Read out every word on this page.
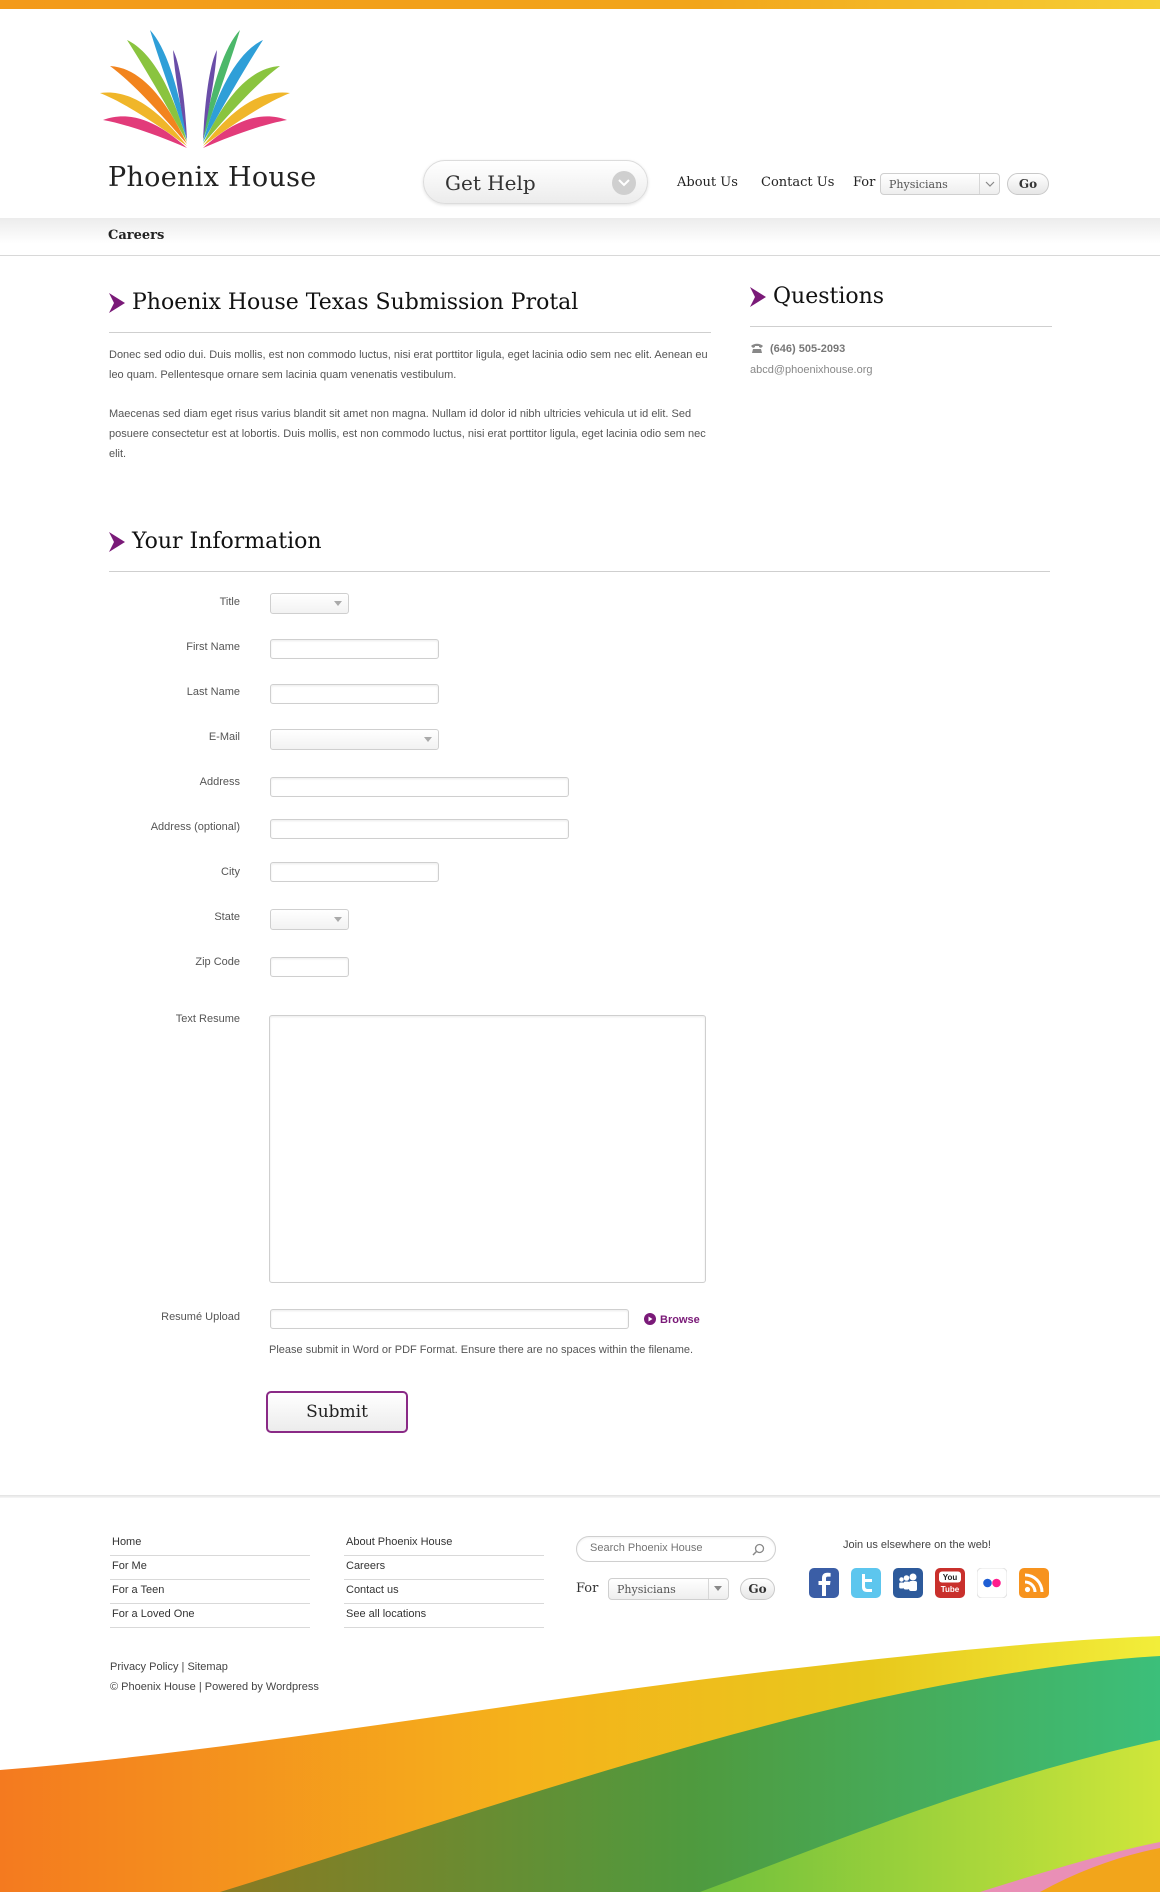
Phoenix House	Get Help	About Us Contact Us For Physicians	Go
Careers
Phoenix House Texas Submission Protal

Donec sed odio dui. Duis mollis, est non commodo luctus, nisi erat porttitor ligula, eget lacinia odio sem nec elit. Aenean eu leo quam. Pellentesque ornare sem lacinia quam venenatis vestibulum.

Maecenas sed diam eget risus varius blandit sit amet non magna. Nullam id dolor id nibh ultricies vehicula ut id elit. Sed posuere consectetur est at lobortis. Duis mollis, est non commodo luctus, nisi erat porttitor ligula, eget lacinia odio sem nec elit.

Questions
(646) 505-2093
abcd@phoenixhouse.org
Your Information
Title
First Name
Last Name
E-Mail
Address
Address (optional)
City
State
Zip Code
Text Resume
Resumé Upload	Browse
Please submit in Word or PDF Format. Ensure there are no spaces within the filename.
Submit
Home
For Me
For a Teen
For a Loved One
About Phoenix House
Careers
Contact us
See all locations
Search Phoenix House
For Physicians	Go
Join us elsewhere on the web!
You
Tube
Privacy Policy | Sitemap
© Phoenix House | Powered by Wordpress
